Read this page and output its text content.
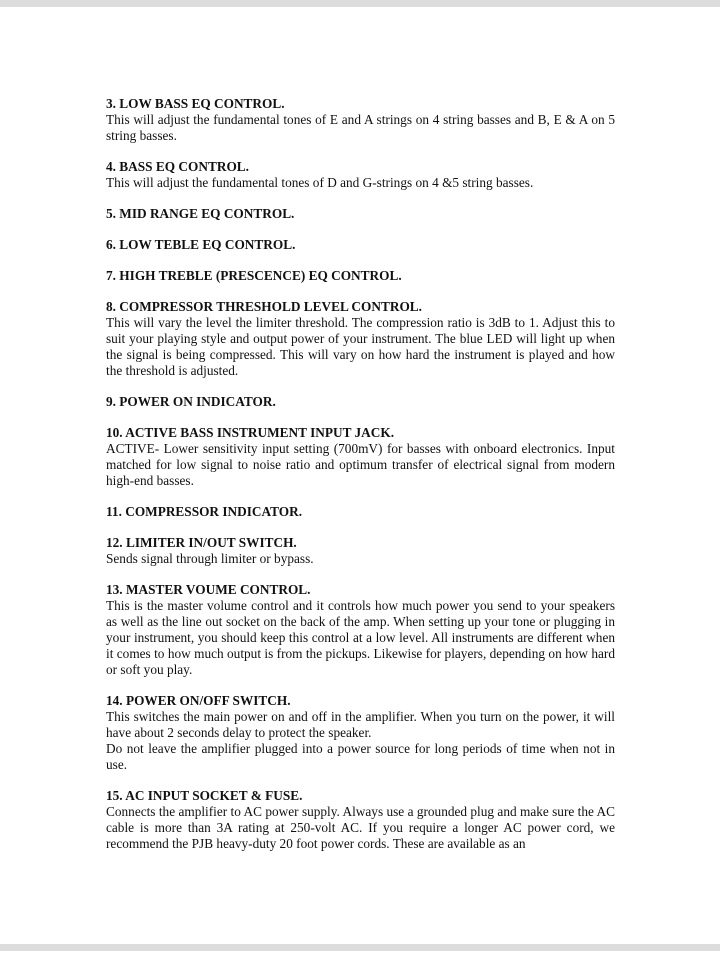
3. LOW BASS EQ CONTROL.

This will adjust the fundamental tones of E and A strings on 4 string basses and B, E & A on 5 string basses.

4. BASS EQ CONTROL.

This will adjust the fundamental tones of D and G-strings on 4 &5 string basses.

5. MID RANGE EQ CONTROL.

6. LOW TEBLE EQ CONTROL.

7. HIGH TREBLE (PRESCENCE) EQ CONTROL.

8. COMPRESSOR THRESHOLD LEVEL CONTROL.

This will vary the level the limiter threshold. The compression ratio is 3dB to 1. Adjust this to suit your playing style and output power of your instrument. The blue LED will light up when the signal is being compressed. This will vary on how hard the instrument is played and how the threshold is adjusted.

9. POWER ON INDICATOR.

10. ACTIVE BASS INSTRUMENT INPUT JACK.

ACTIVE- Lower sensitivity input setting (700mV) for basses with onboard electronics. Input matched for low signal to noise ratio and optimum transfer of electrical signal from modern high-end basses.

11. COMPRESSOR INDICATOR.

12. LIMITER IN/OUT SWITCH.

Sends signal through limiter or bypass.

13. MASTER VOUME CONTROL.

This is the master volume control and it controls how much power you send to your speakers as well as the line out socket on the back of the amp. When setting up your tone or plugging in your instrument, you should keep this control at a low level. All instruments are different when it comes to how much output is from the pickups. Likewise for players, depending on how hard or soft you play.

14. POWER ON/OFF SWITCH.

This switches the main power on and off in the amplifier. When you turn on the power, it will have about 2 seconds delay to protect the speaker.

Do not leave the amplifier plugged into a power source for long periods of time when not in use.

15. AC INPUT SOCKET & FUSE.

Connects the amplifier to AC power supply. Always use a grounded plug and make sure the AC cable is more than 3A rating at 250-volt AC. If you require a longer AC power cord, we recommend the PJB heavy-duty 20 foot power cords. These are available as an
